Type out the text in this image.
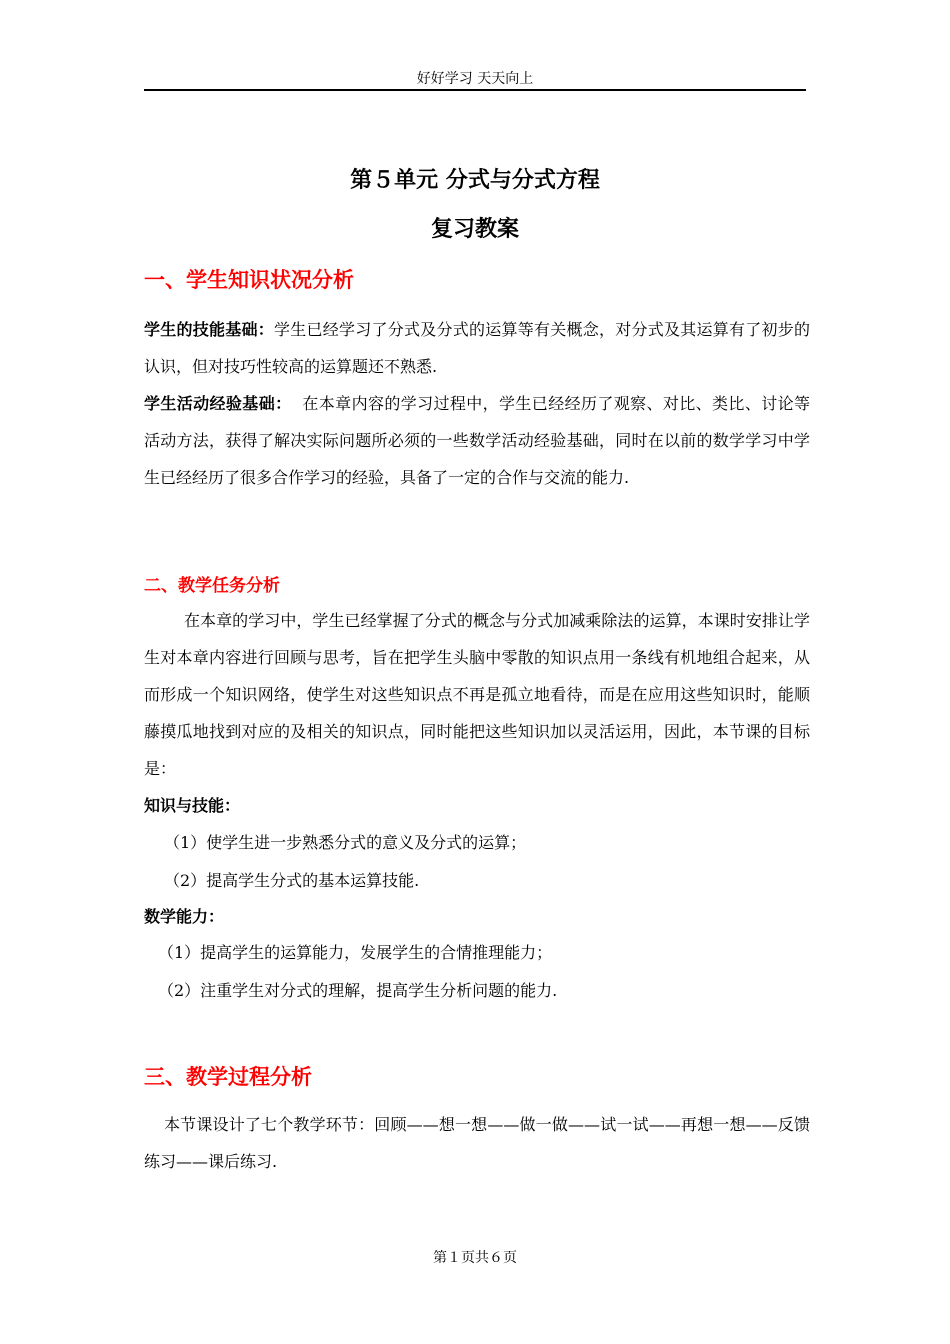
好好学习 天天向上
第５单元 分式与分式方程
复习教案
一、学生知识状况分析

学生的技能基础：学生已经学习了分式及分式的运算等有关概念，对分式及其运算有了初步的认识，但对技巧性较高的运算题还不熟悉.

学生活动经验基础：  在本章内容的学习过程中，学生已经经历了观察、对比、类比、讨论等活动方法，获得了解决实际问题所必须的一些数学活动经验基础，同时在以前的数学学习中学生已经经历了很多合作学习的经验，具备了一定的合作与交流的能力.

二、教学任务分析

在本章的学习中，学生已经掌握了分式的概念与分式加减乘除法的运算，本课时安排让学生对本章内容进行回顾与思考，旨在把学生头脑中零散的知识点用一条线有机地组合起来，从而形成一个知识网络，使学生对这些知识点不再是孤立地看待，而是在应用这些知识时，能顺藤摸瓜地找到对应的及相关的知识点，同时能把这些知识加以灵活运用，因此，本节课的目标是：

知识与技能：
（1）使学生进一步熟悉分式的意义及分式的运算；
（2）提高学生分式的基本运算技能.
数学能力：
（1）提高学生的运算能力，发展学生的合情推理能力；
（2）注重学生对分式的理解，提高学生分析问题的能力.
三、教学过程分析

本节课设计了七个教学环节：回顾——想一想——做一做——试一试——再想一想——反馈练习——课后练习.

第１页共６页
